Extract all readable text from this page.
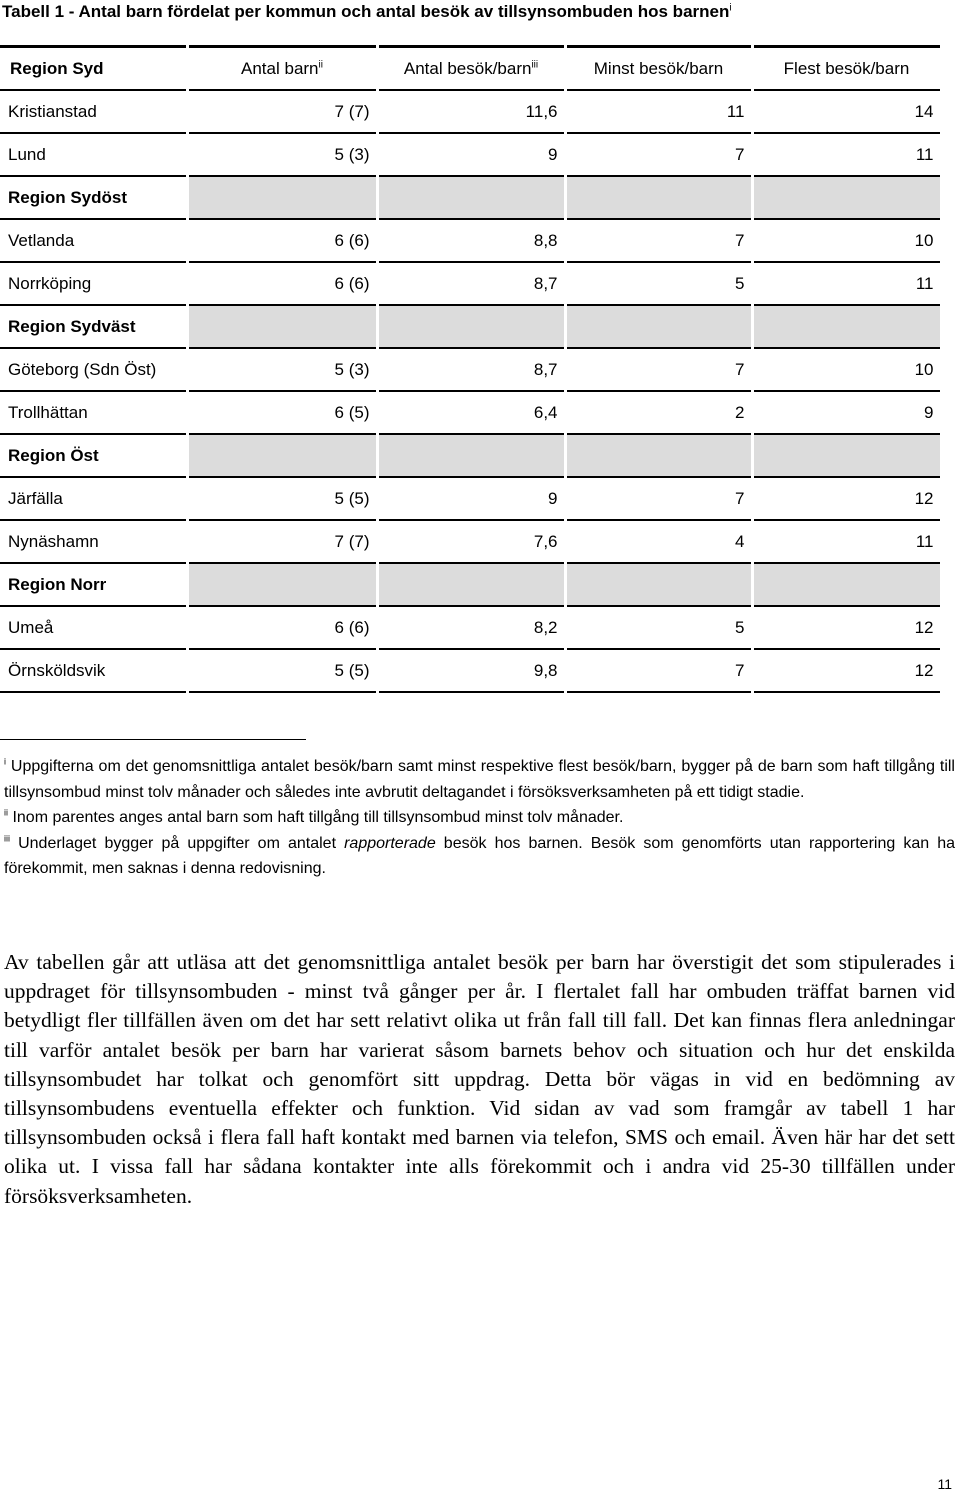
Tabell 1 - Antal barn fördelat per kommun och antal besök av tillsynsombuden hos barnen$^i$
Region Syd	Antal barn$^{ii}$	Antal besök/barn$^{iii}$	Minst besök/barn	Flest besök/barn
Kristianstad	7 (7)	11,6	11	14
Lund	5 (3)	9	7	11
Region Sydöst				
Vetlanda	6 (6)	8,8	7	10
Norrköping	6 (6)	8,7	5	11
Region Sydväst				
Göteborg (Sdn Öst)	5 (3)	8,7	7	10
Trollhättan	6 (5)	6,4	2	9
Region Öst				
Järfälla	5 (5)	9	7	12
Nynäshamn	7 (7)	7,6	4	11
Region Norr				
Umeå	6 (6)	8,2	5	12
Örnsköldsvik	5 (5)	9,8	7	12

$^i$ Uppgifterna om det genomsnittliga antalet besök/barn samt minst respektive flest besök/barn, bygger på de barn som haft tillgång till tillsynsombud minst tolv månader och således inte avbrutit deltagandet i försöksverksamheten på ett tidigt stadie.

$^{ii}$ Inom parentes anges antal barn som haft tillgång till tillsynsombud minst tolv månader.

$^{iii}$ Underlaget bygger på uppgifter om antalet rapporterade besök hos barnen. Besök som genomförts utan rapportering kan ha förekommit, men saknas i denna redovisning.

Av tabellen går att utläsa att det genomsnittliga antalet besök per barn har överstigit det som stipulerades i uppdraget för tillsynsombuden - minst två gånger per år. I flertalet fall har ombuden träffat barnen vid betydligt fler tillfällen även om det har sett relativt olika ut från fall till fall. Det kan finnas flera anledningar till varför antalet besök per barn har varierat såsom barnets behov och situation och hur det enskilda tillsynsombudet har tolkat och genomfört sitt uppdrag. Detta bör vägas in vid en bedömning av tillsynsombudens eventuella effekter och funktion. Vid sidan av vad som framgår av tabell 1 har tillsynsombuden också i flera fall haft kontakt med barnen via telefon, SMS och email. Även här har det sett olika ut. I vissa fall har sådana kontakter inte alls förekommit och i andra vid 25-30 tillfällen under försöksverksamheten.
11
